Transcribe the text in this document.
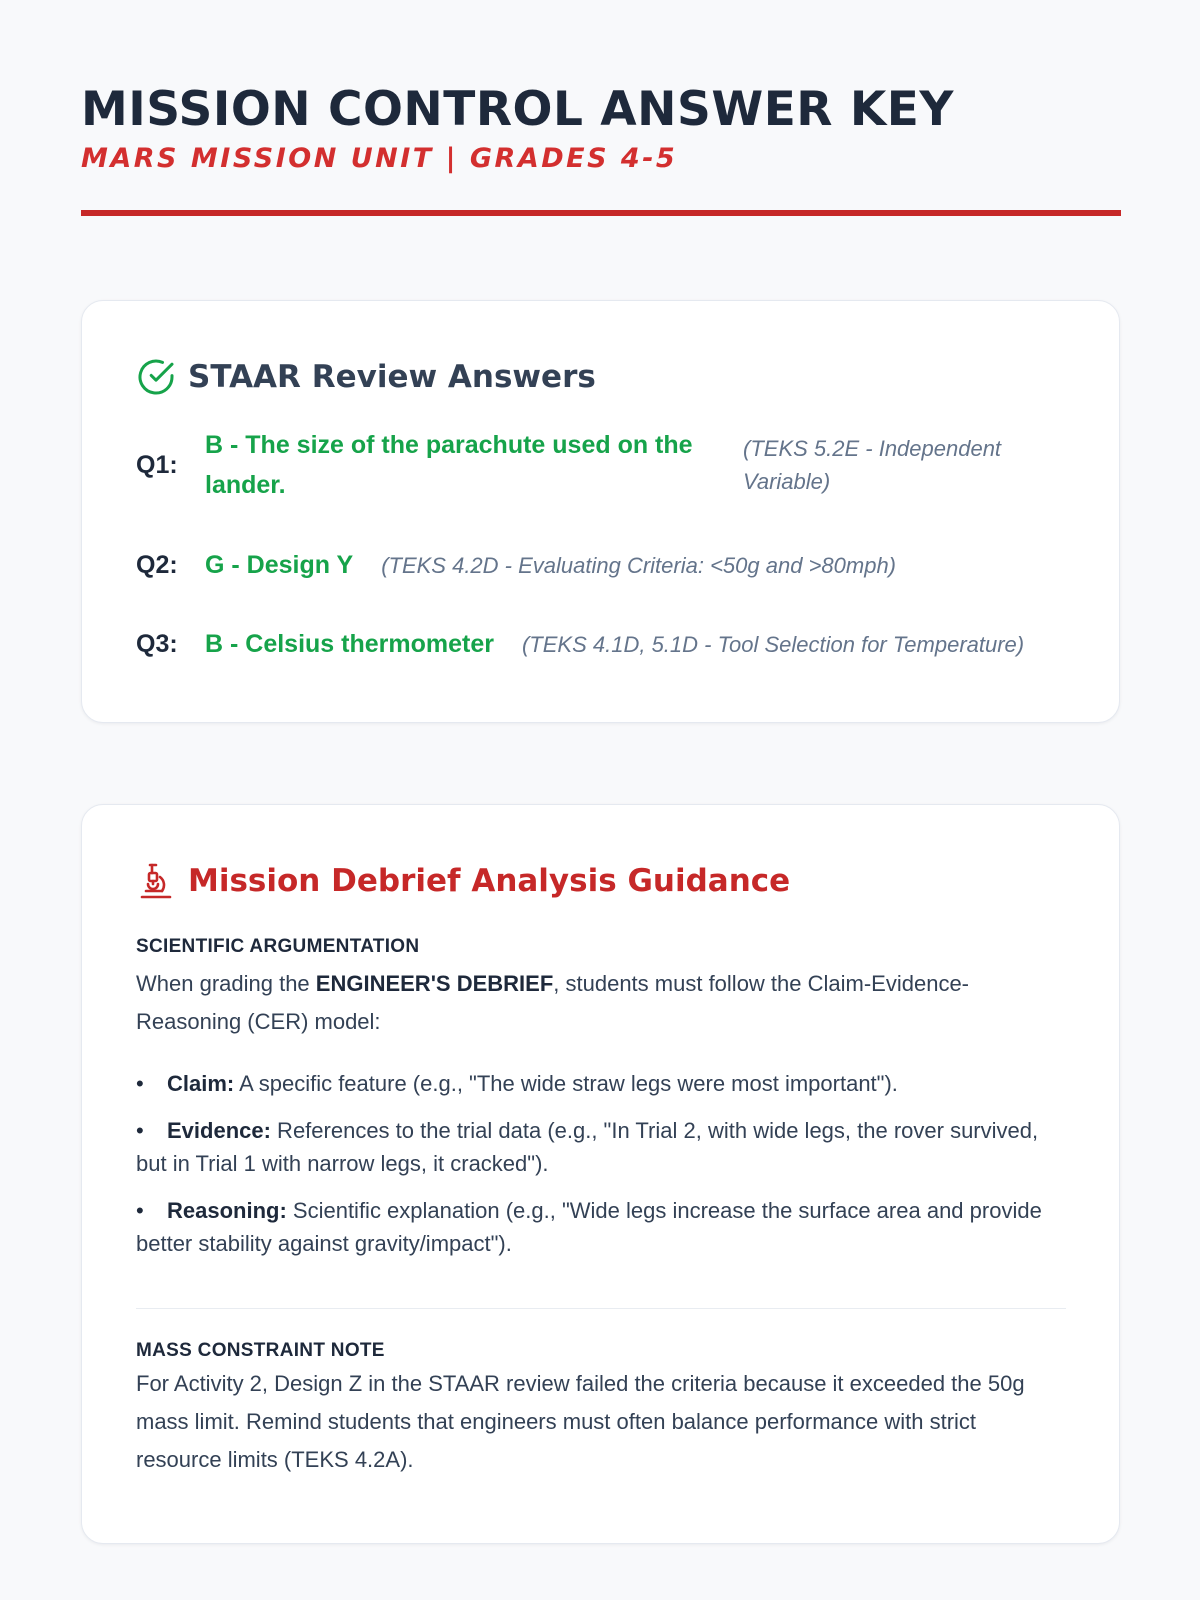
MISSION CONTROL ANSWER KEY
MARS MISSION UNIT | GRADES 4-5
STAAR Review Answers
Q1:
B - The size of the parachute used on the lander.
(TEKS 5.2E - Independent Variable)
Q2:	G - Design Y (TEKS 4.2D - Evaluating Criteria: <50g and >80mph)
Q3:	B - Celsius thermometer (TEKS 4.1D, 5.1D - Tool Selection for Temperature)
Mission Debrief Analysis Guidance
SCIENTIFIC ARGUMENTATION

When grading the ENGINEER'S DEBRIEF, students must follow the Claim-Evidence-Reasoning (CER) model:

• Claim: A specific feature (e.g., "The wide straw legs were most important").
• Evidence: References to the trial data (e.g., "In Trial 2, with wide legs, the rover survived, but in Trial 1 with narrow legs, it cracked").
• Reasoning: Scientific explanation (e.g., "Wide legs increase the surface area and provide better stability against gravity/impact").
MASS CONSTRAINT NOTE

For Activity 2, Design Z in the STAAR review failed the criteria because it exceeded the 50g mass limit. Remind students that engineers must often balance performance with strict resource limits (TEKS 4.2A).
